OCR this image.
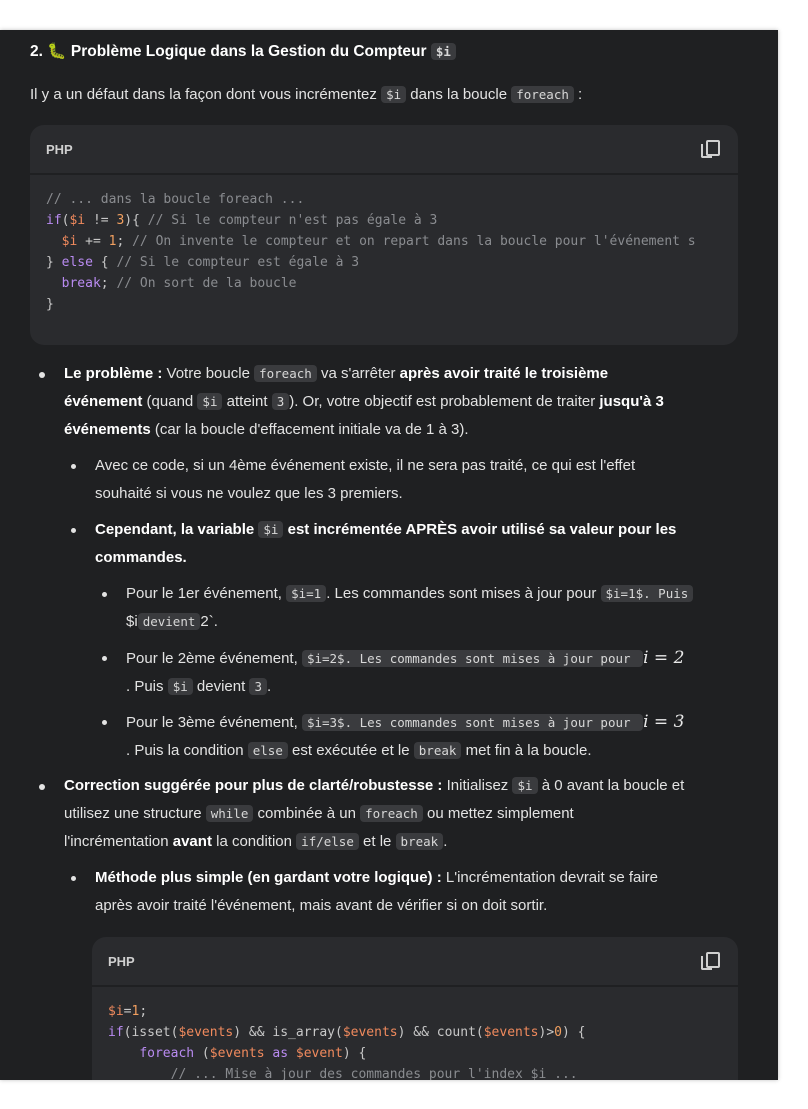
2. 🐛 Problème Logique dans la Gestion du Compteur $i
Il y a un défaut dans la façon dont vous incrémentez $i dans la boucle foreach :
PHP
// ... dans la boucle foreach ...
if($i != 3){ // Si le compteur n'est pas égale à 3
$i += 1; // On invente le compteur et on repart dans la boucle pour l'événement s
} else { // Si le compteur est égale à 3
break; // On sort de la boucle
}
Le problème : Votre boucle foreach va s'arrêter après avoir traité le troisième
événement (quand $i atteint 3 ). Or, votre objectif est probablement de traiter jusqu'à 3
événements (car la boucle d'effacement initiale va de 1 à 3).
Avec ce code, si un 4ème événement existe, il ne sera pas traité, ce qui est l'effet
souhaité si vous ne voulez que les 3 premiers.
Cependant, la variable $i est incrémentée APRÈS avoir utilisé sa valeur pour les
commandes.
Pour le 1er événement, $i=1 . Les commandes sont mises à jour pour $i=1$. Puis
$i devient 2`.
Pour le 2ème événement, $i=2$. Les commandes sont mises à jour pour i = 2
. Puis $i devient 3 .
Pour le 3ème événement, $i=3$. Les commandes sont mises à jour pour i = 3
. Puis la condition else est exécutée et le break met fin à la boucle.
Correction suggérée pour plus de clarté/robustesse : Initialisez $i à 0 avant la boucle et
utilisez une structure while combinée à un foreach ou mettez simplement
l'incrémentation avant la condition if/else et le break .
Méthode plus simple (en gardant votre logique) : L'incrémentation devrait se faire
après avoir traité l'événement, mais avant de vérifier si on doit sortir.
PHP
$i=1;
if(isset($events) && is_array($events) && count($events)>0) {
foreach ($events as $event) {
// ... Mise à jour des commandes pour l'index $i ...
